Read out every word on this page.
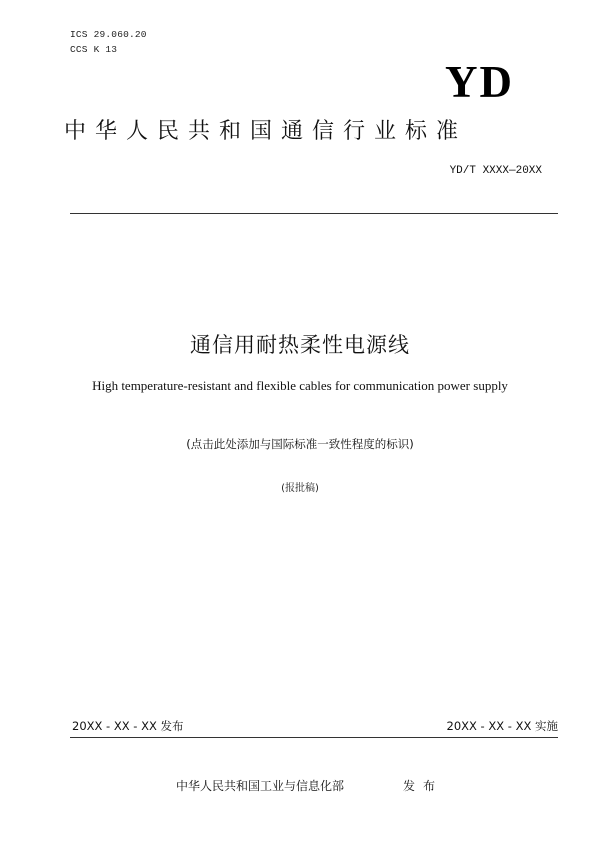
ICS 29.060.20
CCS K 13
YD
中华人民共和国通信行业标准
YD/T XXXX—20XX
通信用耐热柔性电源线
High temperature-resistant and flexible cables for communication power supply
(点击此处添加与国际标准一致性程度的标识)
(报批稿)
20XX - XX - XX 发布	20XX - XX - XX 实施
中华人民共和国工业与信息化部	发布
